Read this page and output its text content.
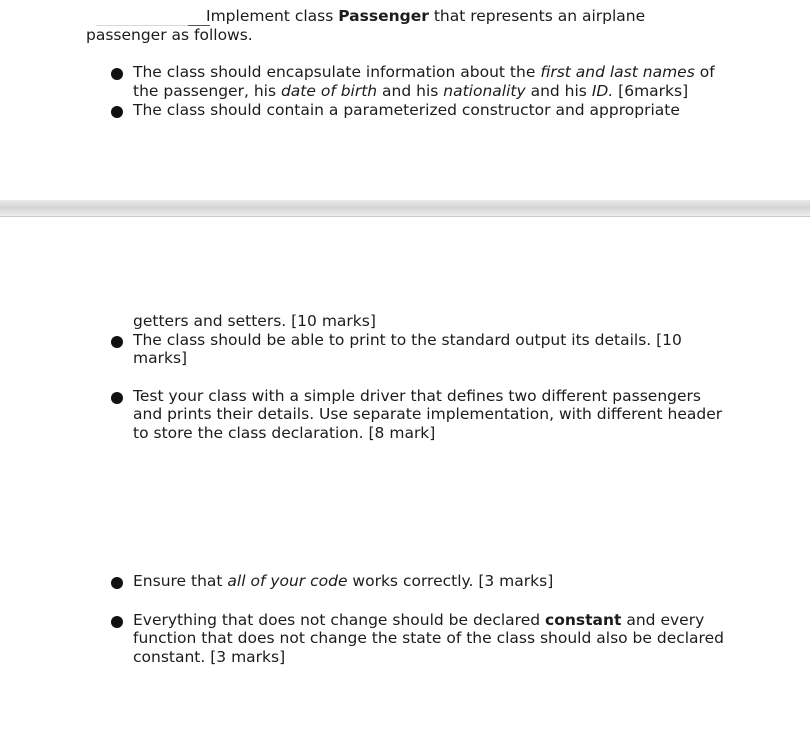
Implement class Passenger that represents an airplane
passenger as follows.
The class should encapsulate information about the first and last names of
the passenger, his date of birth and his nationality and his ID. [6marks]
The class should contain a parameterized constructor and appropriate
getters and setters. [10 marks]
The class should be able to print to the standard output its details. [10
marks]
Test your class with a simple driver that defines two different passengers
and prints their details. Use separate implementation, with different header
to store the class declaration. [8 mark]
Ensure that all of your code works correctly. [3 marks]
Everything that does not change should be declared constant and every
function that does not change the state of the class should also be declared
constant. [3 marks]
